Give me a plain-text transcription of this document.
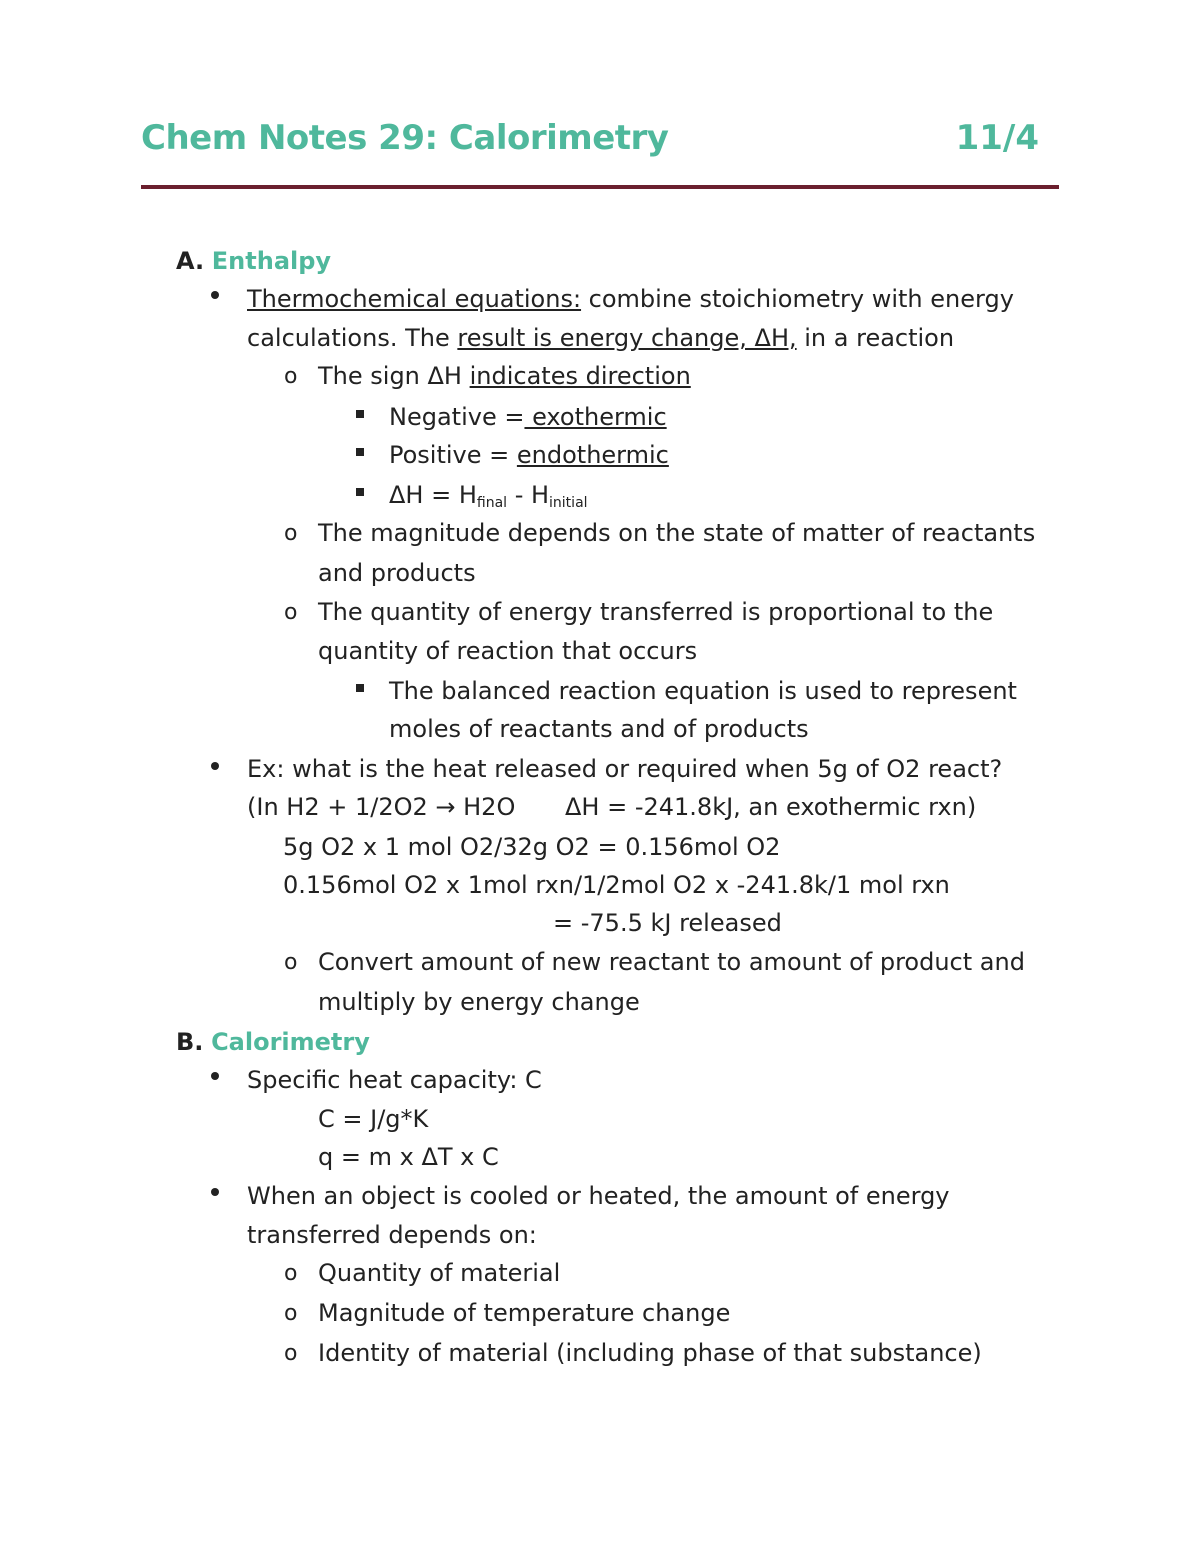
Chem Notes 29: Calorimetry	11/4
A. Enthalpy
Thermochemical equations: combine stoichiometry with energy
calculations. The result is energy change, ΔH, in a reaction
o The sign ΔH indicates direction
Negative = exothermic
Positive = endothermic
$\Delta H = H_{final} - H_{initial}$
o The magnitude depends on the state of matter of reactants
and products
o The quantity of energy transferred is proportional to the
quantity of reaction that occurs
The balanced reaction equation is used to represent
moles of reactants and of products
Ex: what is the heat released or required when 5g of O2 react?
(In H2 + 1/2O2 → H2O ΔH = -241.8kJ, an exothermic rxn)
5g O2 x 1 mol O2/32g O2 = 0.156mol O2
0.156mol O2 x 1mol rxn/1/2mol O2 x -241.8k/1 mol rxn
= -75.5 kJ released
o Convert amount of new reactant to amount of product and
multiply by energy change
B. Calorimetry
Specific heat capacity: C
C = J/g*K
q = m x ΔT x C
When an object is cooled or heated, the amount of energy
transferred depends on:
o Quantity of material
o Magnitude of temperature change
o Identity of material (including phase of that substance)
